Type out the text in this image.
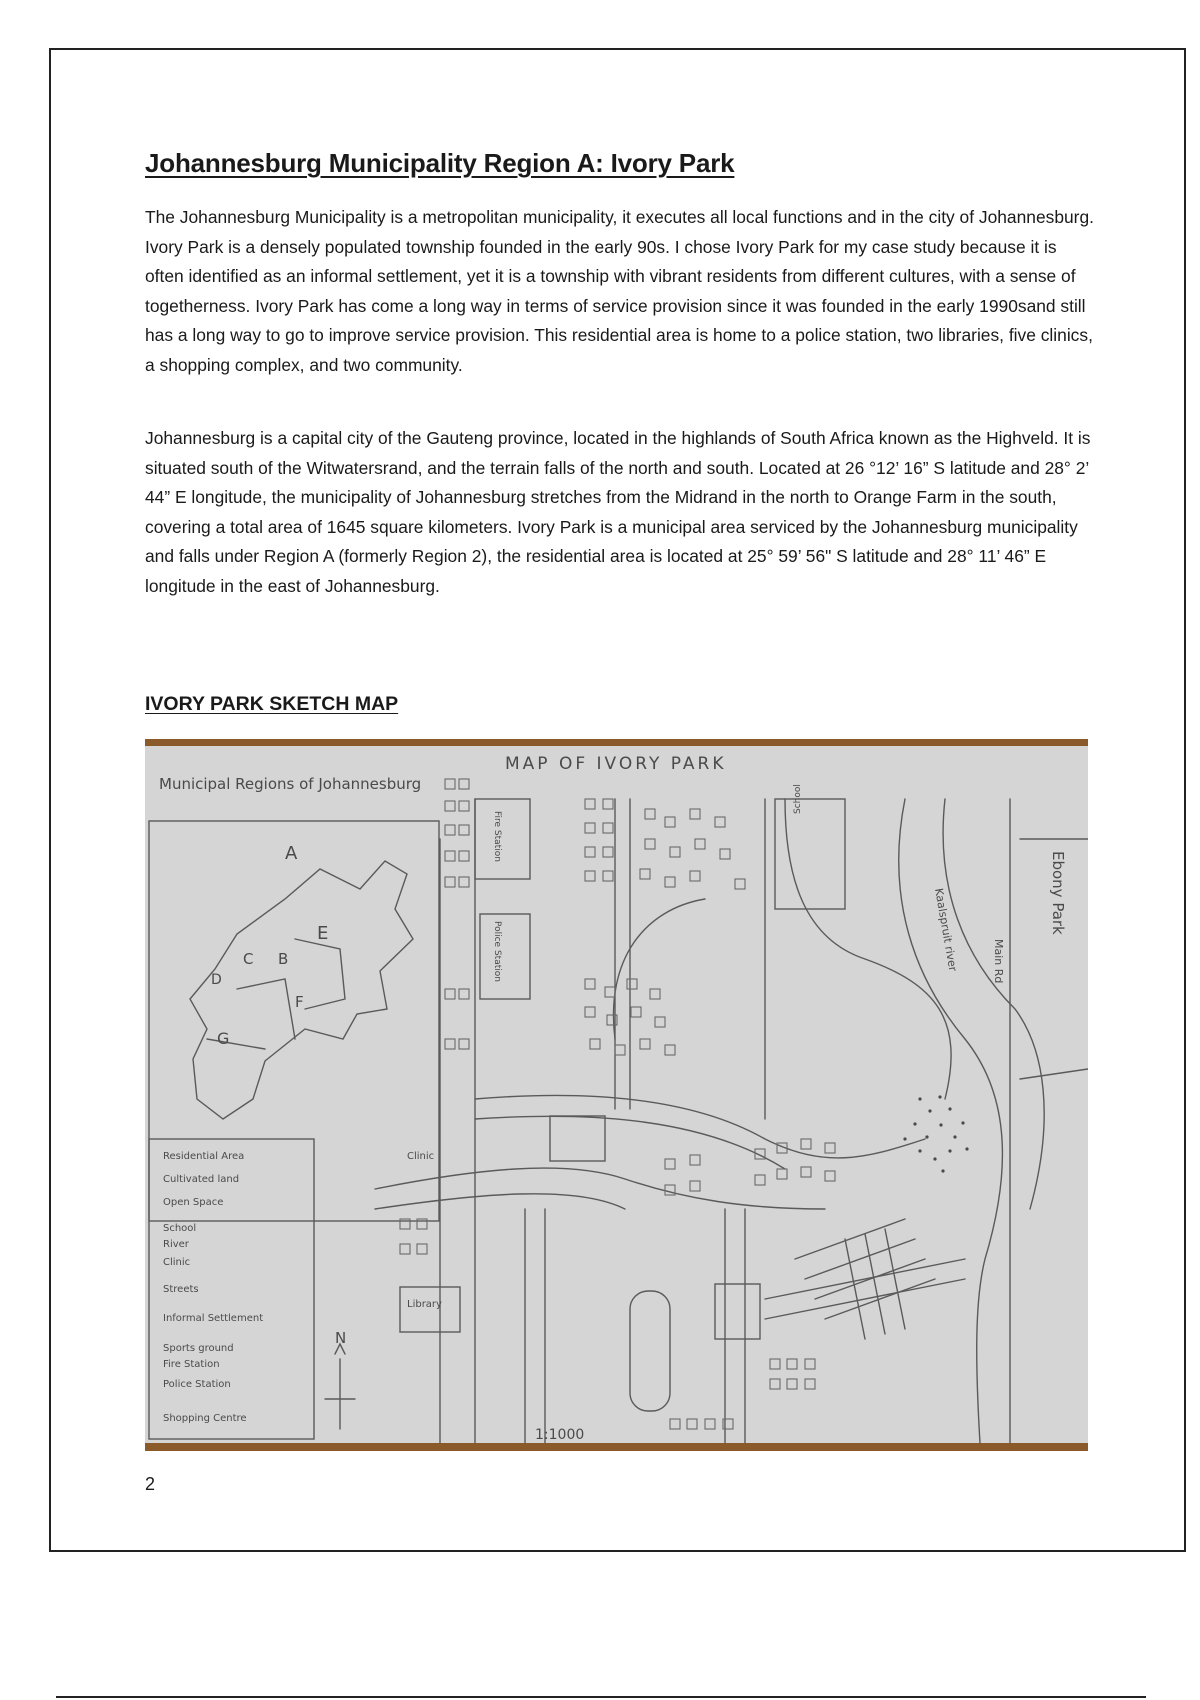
Johannesburg Municipality Region A: Ivory Park

The Johannesburg Municipality is a metropolitan municipality, it executes all local functions and in the city of Johannesburg. Ivory Park is a densely populated township founded in the early 90s. I chose Ivory Park for my case study because it is often identified as an informal settlement, yet it is a township with vibrant residents from different cultures, with a sense of togetherness. Ivory Park has come a long way in terms of service provision since it was founded in the early 1990sand still has a long way to go to improve service provision. This residential area is home to a police station, two libraries, five clinics, a shopping complex, and two community.

Johannesburg is a capital city of the Gauteng province, located in the highlands of South Africa known as the Highveld. It is situated south of the Witwatersrand, and the terrain falls of the north and south. Located at 26 °12’ 16” S latitude and 28° 2’ 44” E longitude, the municipality of Johannesburg stretches from the Midrand in the north to Orange Farm in the south, covering a total area of 1645 square kilometers. Ivory Park is a municipal area serviced by the Johannesburg municipality and falls under Region A (formerly Region 2), the residential area is located at 25° 59’ 56" S latitude and 28° 11’ 46” E longitude in the east of Johannesburg.

IVORY PARK SKETCH MAP
MAP OF IVORY PARK
Municipal Regions of Johannesburg
A
B
C
D
E
F
G
Residential Area
Cultivated land
Open Space
School
River
Clinic
Streets
Informal Settlement
Sports ground
Fire Station
Police Station
Shopping Centre
Ebony Park
Kaalspruit river	Main Rd
Clinic
Library
Fire Station
Police Station
School
N
1:1000
2
